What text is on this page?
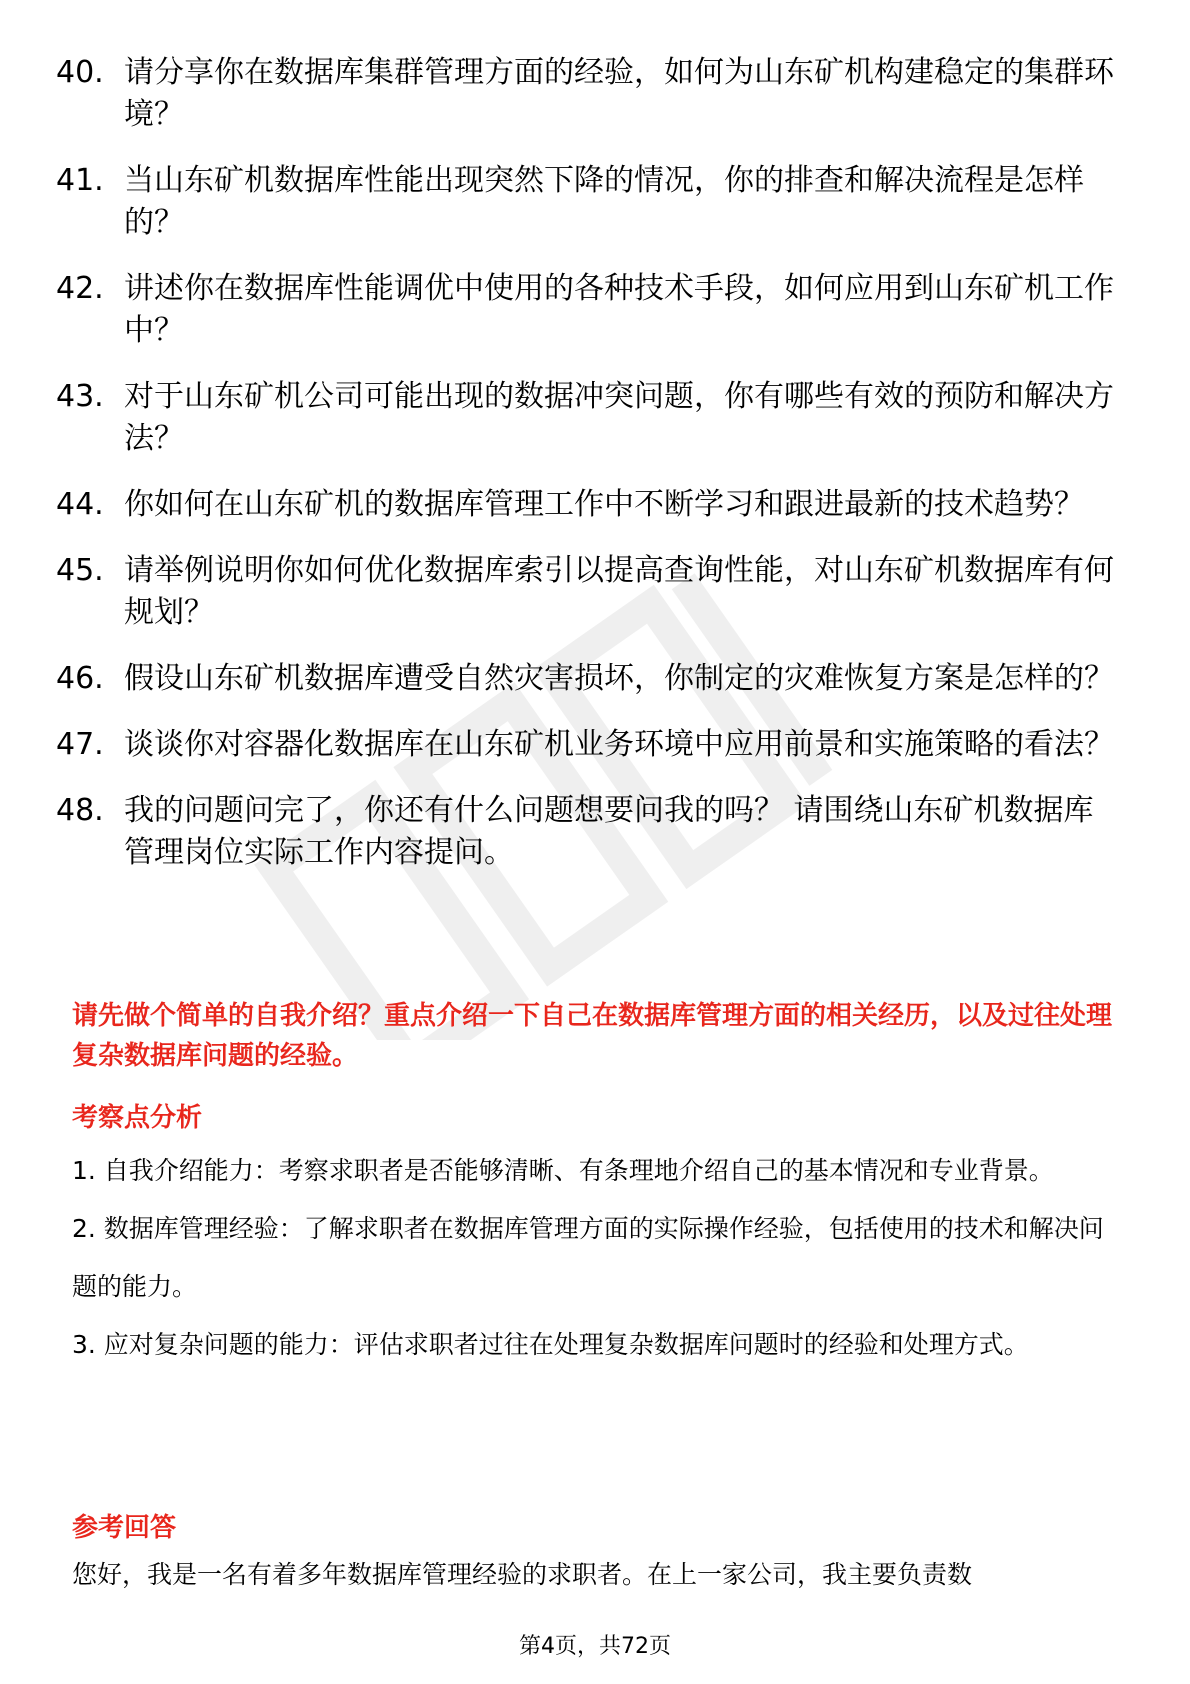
40. 请分享你在数据库集群管理方面的经验，如何为山东矿机构建稳定的集群环境？
41. 当山东矿机数据库性能出现突然下降的情况，你的排查和解决流程是怎样的？
42. 讲述你在数据库性能调优中使用的各种技术手段，如何应用到山东矿机工作中？
43. 对于山东矿机公司可能出现的数据冲突问题，你有哪些有效的预防和解决方法？
44. 你如何在山东矿机的数据库管理工作中不断学习和跟进最新的技术趋势？
45. 请举例说明你如何优化数据库索引以提高查询性能，对山东矿机数据库有何规划？
46. 假设山东矿机数据库遭受自然灾害损坏，你制定的灾难恢复方案是怎样的？
47. 谈谈你对容器化数据库在山东矿机业务环境中应用前景和实施策略的看法？
48. 我的问题问完了，你还有什么问题想要问我的吗？ 请围绕山东矿机数据库管理岗位实际工作内容提问。
请先做个简单的自我介绍？重点介绍一下自己在数据库管理方面的相关经历，以及过往处理复杂数据库问题的经验。
考察点分析

1. 自我介绍能力：考察求职者是否能够清晰、有条理地介绍自己的基本情况和专业背景。

2. 数据库管理经验：了解求职者在数据库管理方面的实际操作经验，包括使用的技术和解决问题的能力。

3. 应对复杂问题的能力：评估求职者过往在处理复杂数据库问题时的经验和处理方式。

参考回答
您好，我是一名有着多年数据库管理经验的求职者。在上一家公司，我主要负责数
第4页，共72页
